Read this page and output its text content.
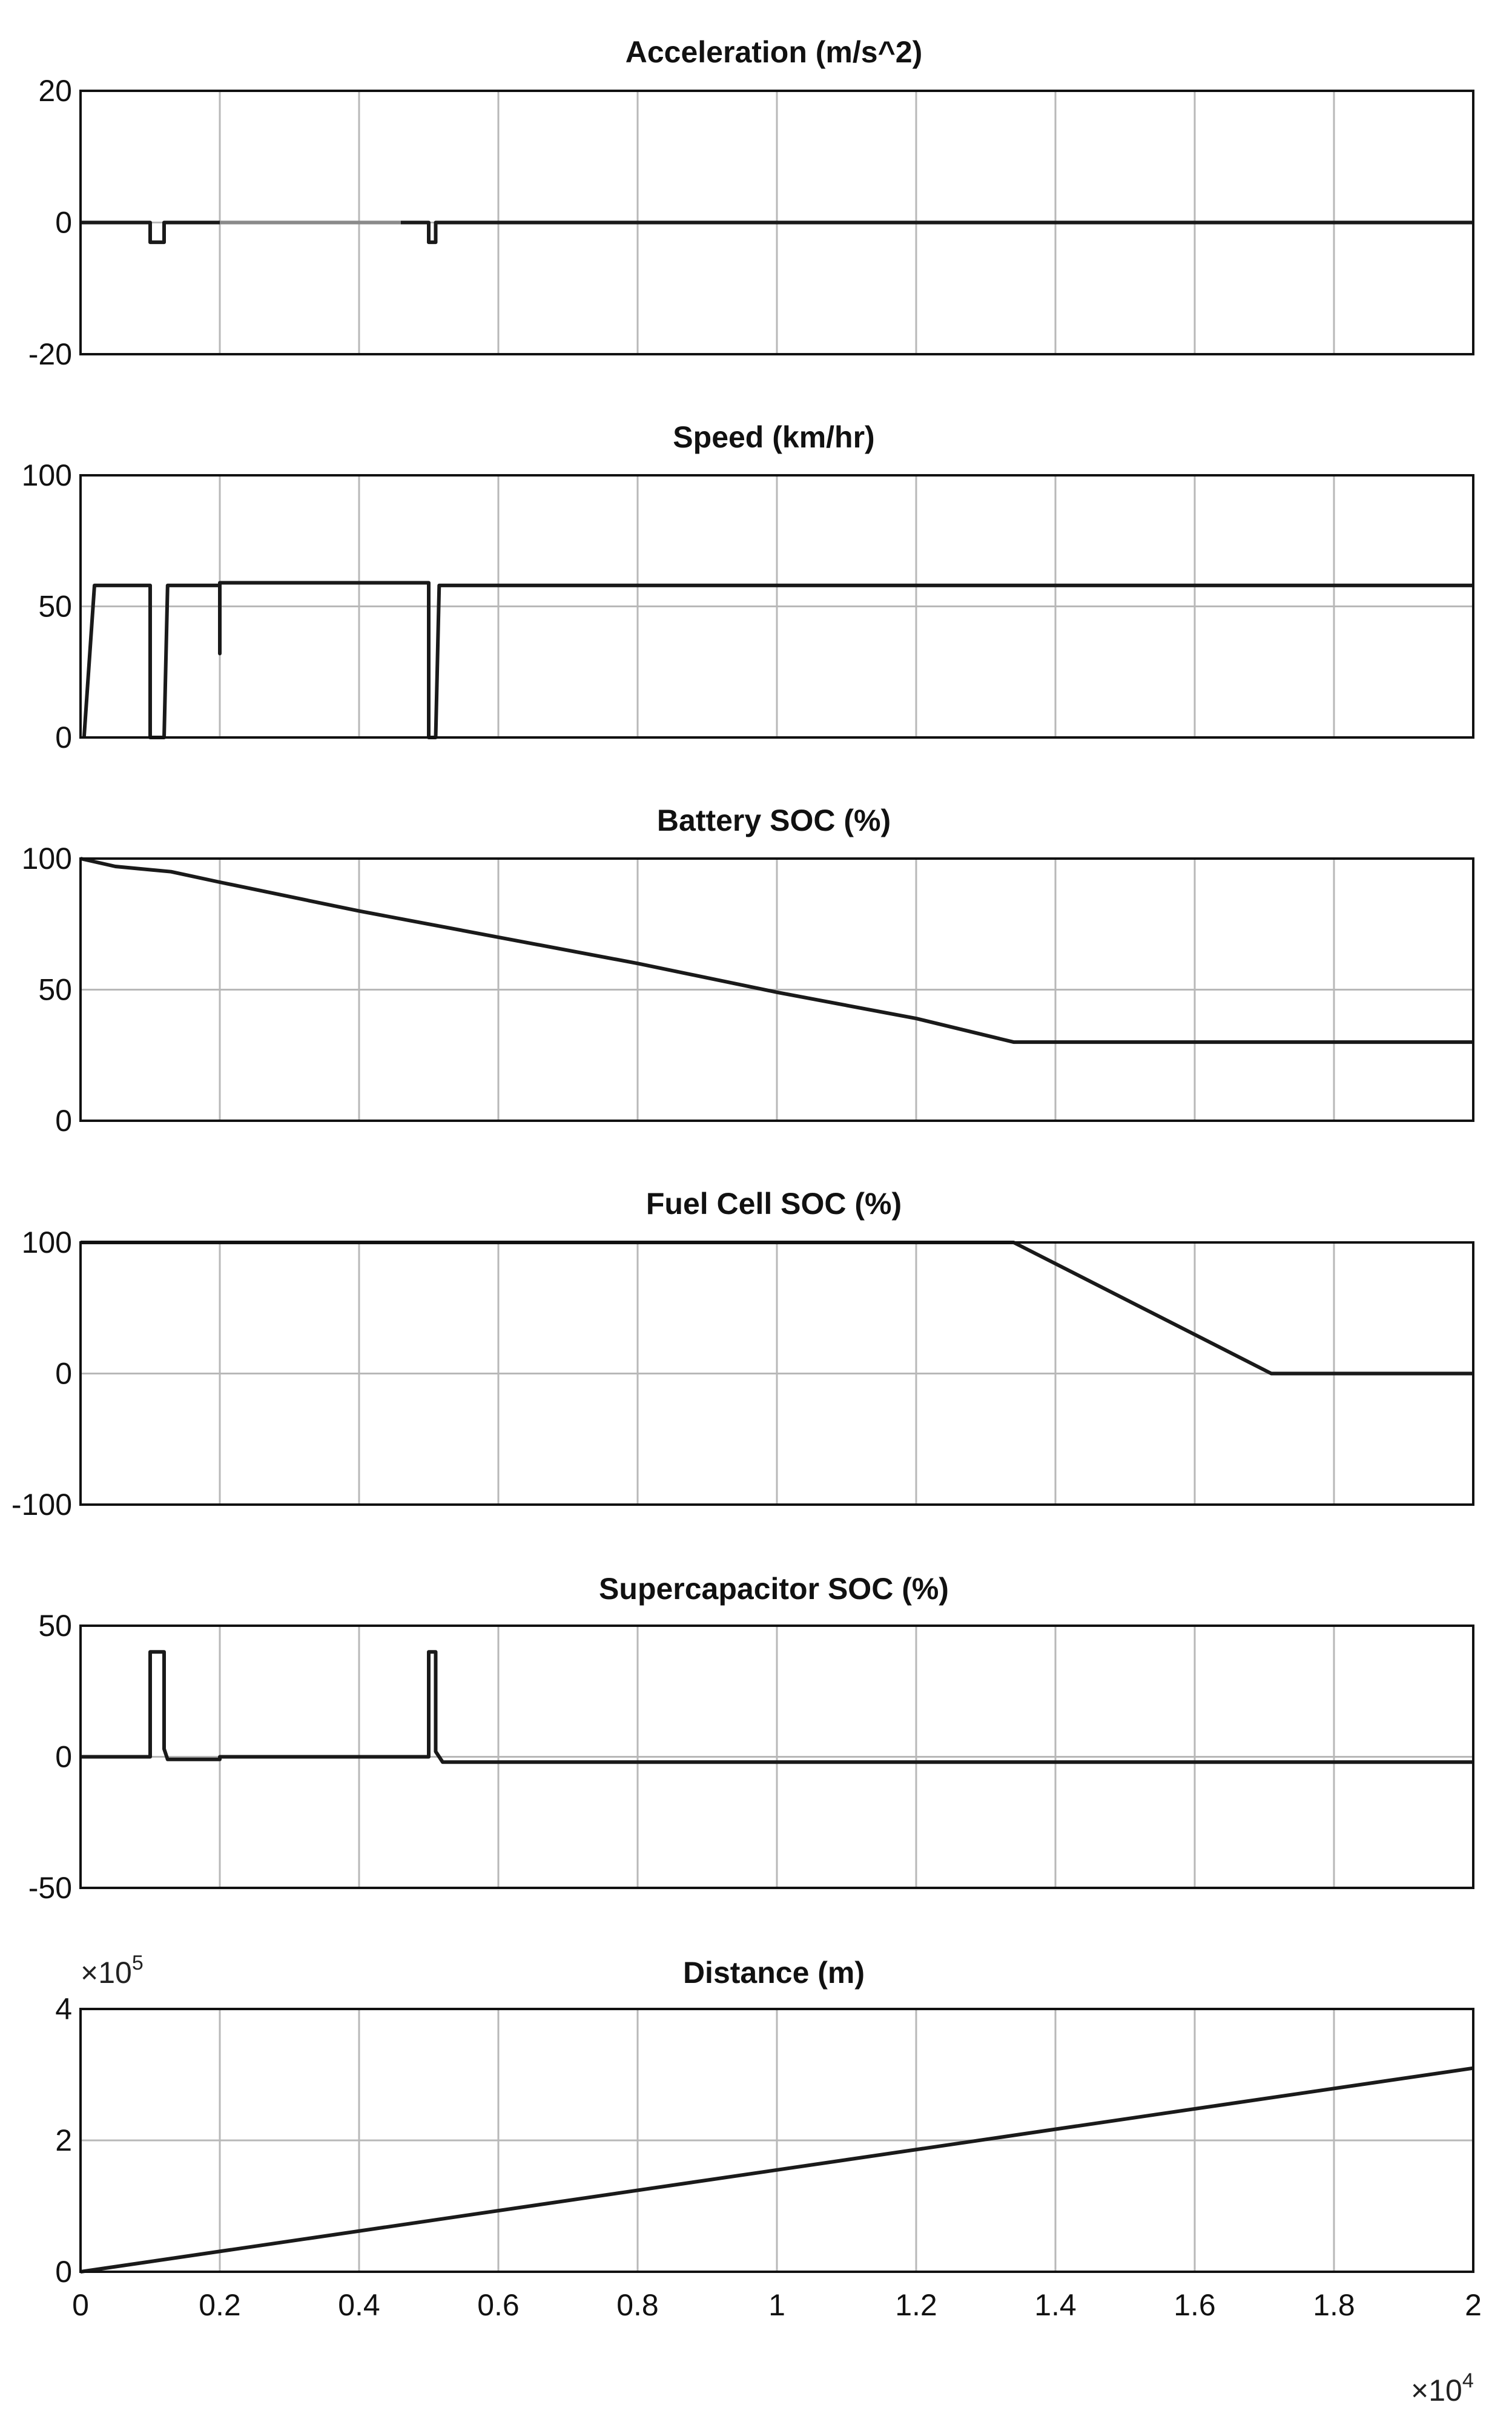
Acceleration (m/s^2)
Speed (km/hr)
Battery SOC (%)
Fuel Cell SOC (%)
Supercapacitor SOC (%)
Distance (m)
$\times 10^5$
$\times 10^4$
-20
0
20
0
50
100
0
50
100
-100
0
100
-50
0
50
0
2
4
0	0.2	0.4	0.6	0.8	1	1.2	1.4	1.6	1.8	2
